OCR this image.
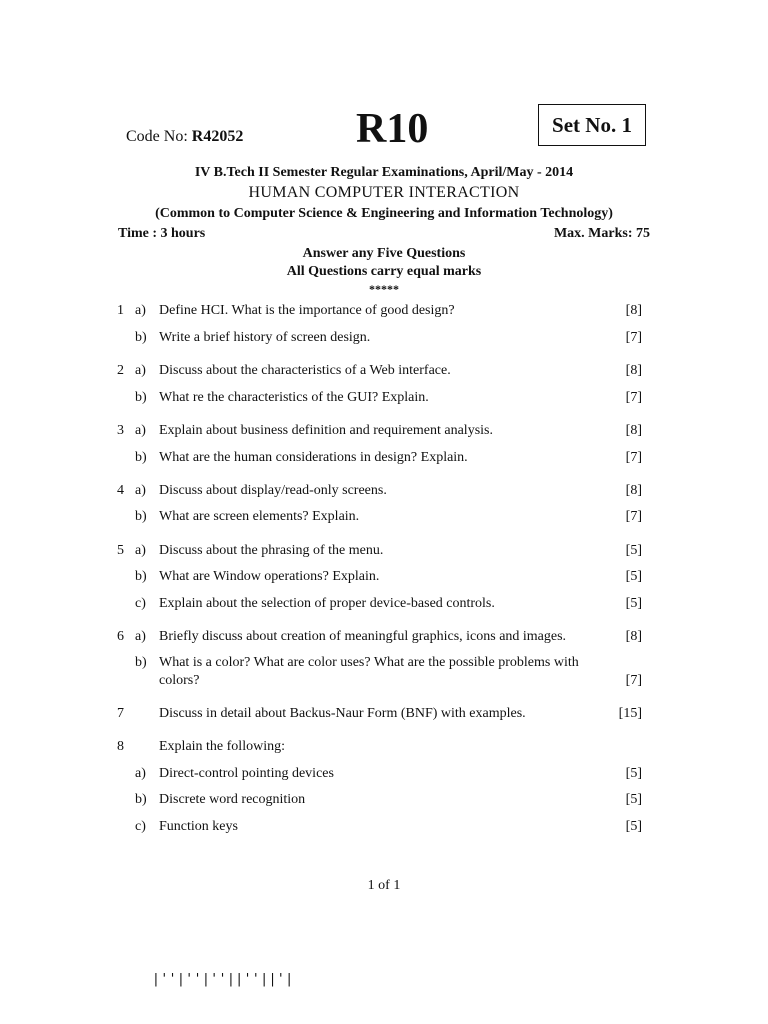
Code No: R42052	R10	Set No. 1
IV B.Tech II Semester Regular Examinations, April/May - 2014
HUMAN COMPUTER INTERACTION
(Common to Computer Science & Engineering and Information Technology)
Time : 3 hours	Max. Marks: 75
Answer any Five Questions
All Questions carry equal marks
*****
1 a) Define HCI. What is the importance of good design?	[8]
b) Write a brief history of screen design.	[7]
2 a) Discuss about the characteristics of a Web interface.	[8]
b) What re the characteristics of the GUI? Explain.	[7]
3 a) Explain about business definition and requirement analysis.	[8]
b) What are the human considerations in design? Explain.	[7]
4 a) Discuss about display/read-only screens.	[8]
b) What are screen elements? Explain.	[7]
5 a) Discuss about the phrasing of the menu.	[5]
b) What are Window operations? Explain.	[5]
c) Explain about the selection of proper device-based controls.	[5]
6 a) Briefly discuss about creation of meaningful graphics, icons and images.	[8]
b) What is a color? What are color uses? What are the possible problems with colors?	[7]
7	Discuss in detail about Backus-Naur Form (BNF) with examples.	[15]
8	Explain the following:
a) Direct-control pointing devices	[5]
b) Discrete word recognition	[5]
c) Function keys	[5]
1 of 1
|''|''|''||''||'|
